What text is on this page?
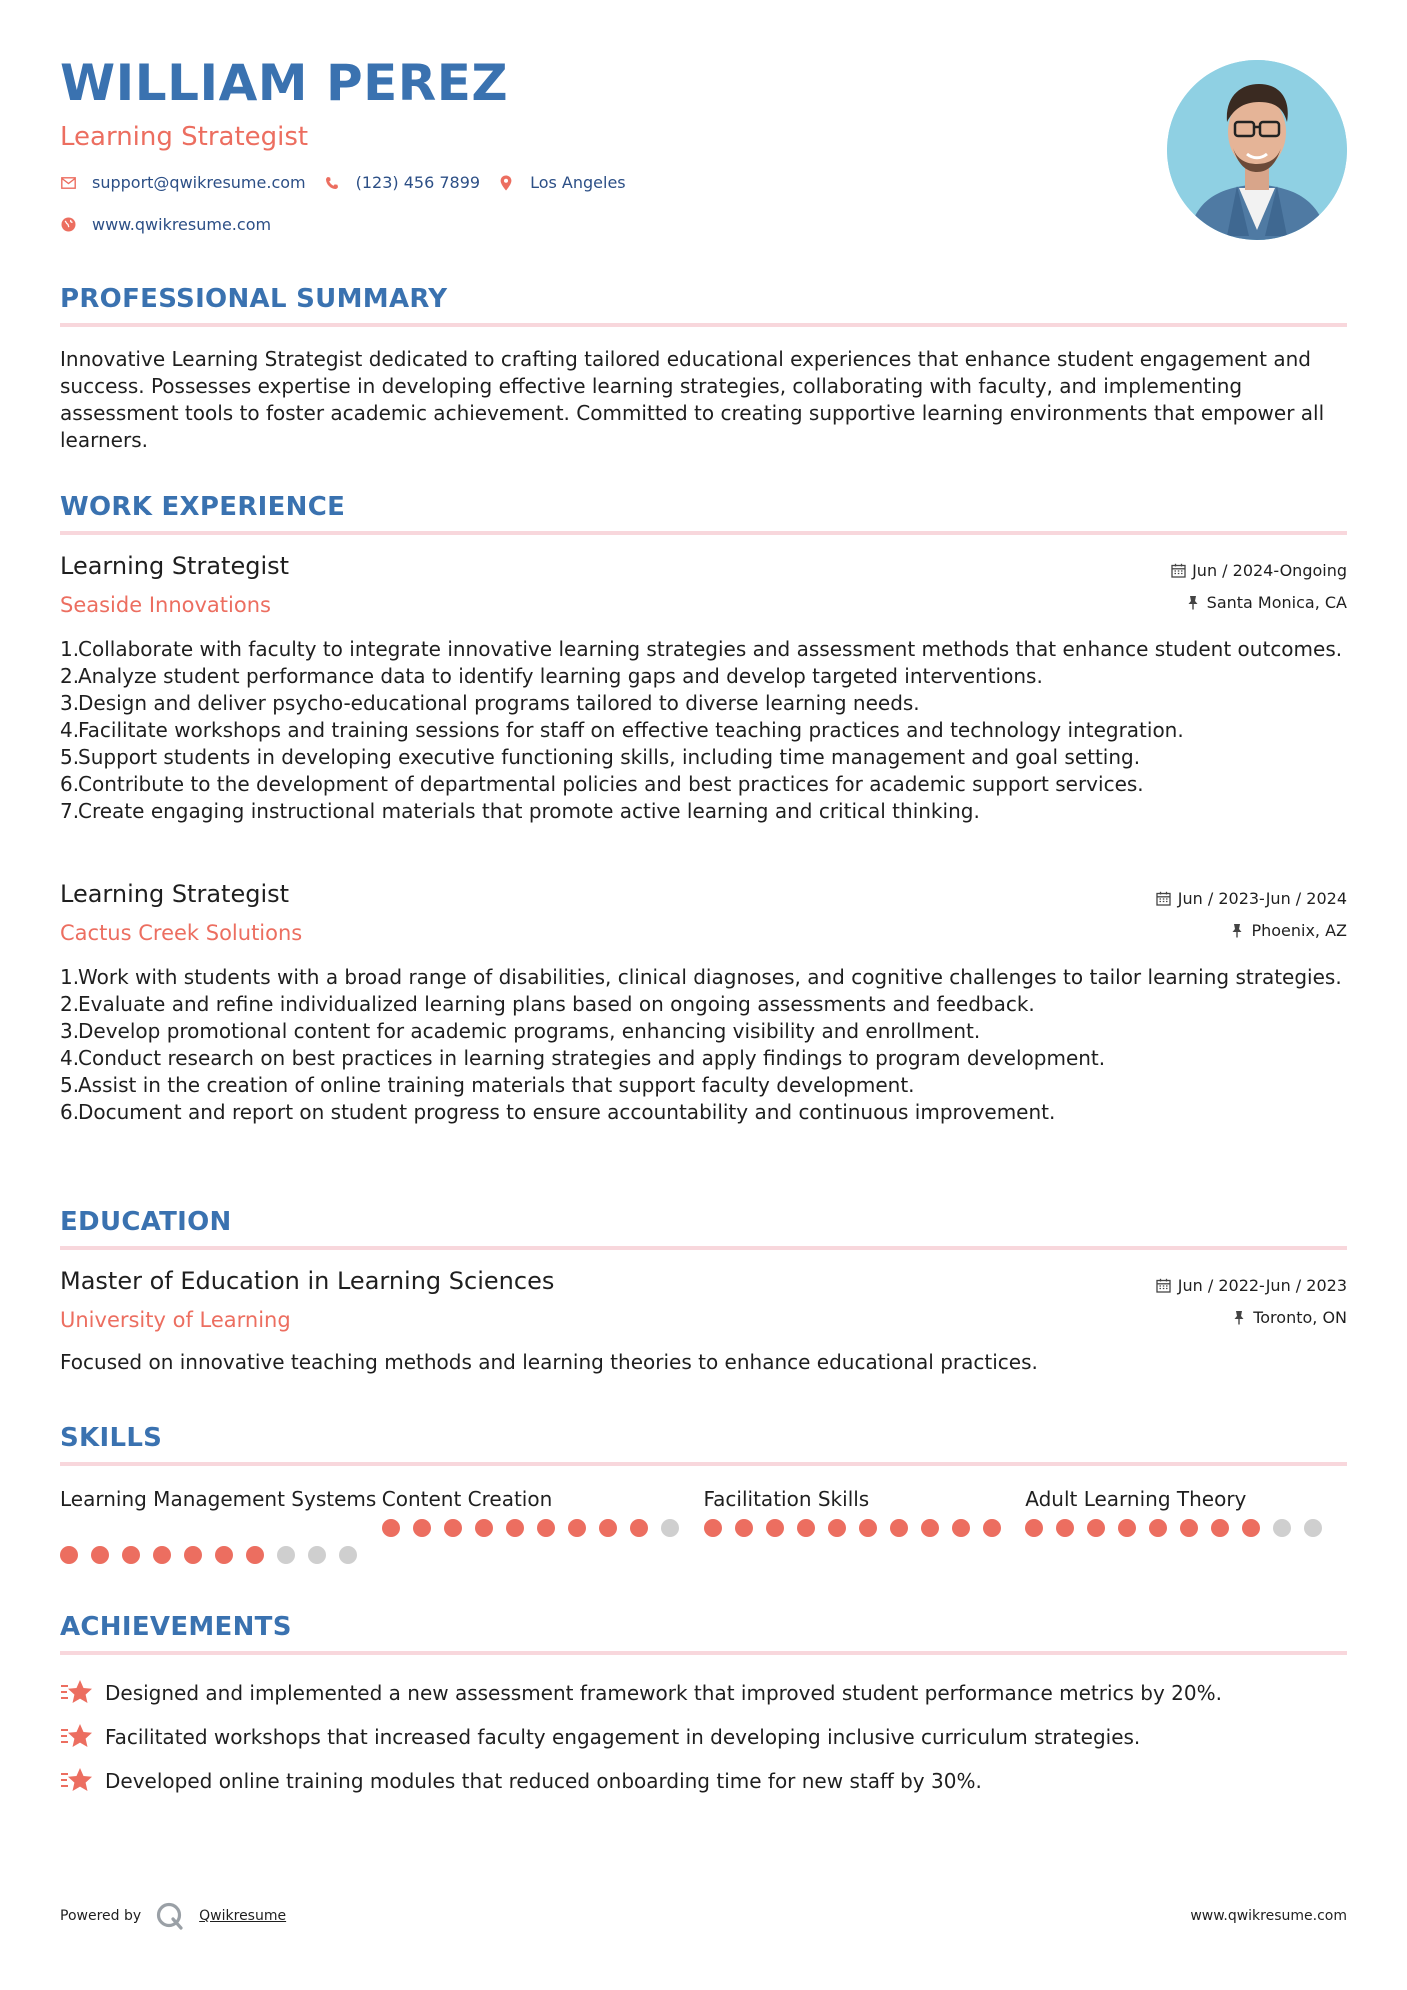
WILLIAM PEREZ
Learning Strategist
support@qwikresume.com	(123) 456 7899	Los Angeles
www.qwikresume.com
PROFESSIONAL SUMMARY
Innovative Learning Strategist dedicated to crafting tailored educational experiences that enhance student engagement and success. Possesses expertise in developing effective learning strategies, collaborating with faculty, and implementing assessment tools to foster academic achievement. Committed to creating supportive learning environments that empower all learners.
WORK EXPERIENCE
Learning Strategist
Seaside Innovations
Jun / 2024-Ongoing
Santa Monica, CA
1.
Collaborate with faculty to integrate innovative learning strategies and assessment methods that enhance student outcomes.
2.
Analyze student performance data to identify learning gaps and develop targeted interventions.
3.
Design and deliver psycho-educational programs tailored to diverse learning needs.
4.
Facilitate workshops and training sessions for staff on effective teaching practices and technology integration.
5.
Support students in developing executive functioning skills, including time management and goal setting.
6.
Contribute to the development of departmental policies and best practices for academic support services.
7.
Create engaging instructional materials that promote active learning and critical thinking.
Learning Strategist
Cactus Creek Solutions
Jun / 2023-Jun / 2024
Phoenix, AZ
1.
Work with students with a broad range of disabilities, clinical diagnoses, and cognitive challenges to tailor learning strategies.
2.
Evaluate and refine individualized learning plans based on ongoing assessments and feedback.
3.
Develop promotional content for academic programs, enhancing visibility and enrollment.
4.
Conduct research on best practices in learning strategies and apply findings to program development.
5.
Assist in the creation of online training materials that support faculty development.
6.
Document and report on student progress to ensure accountability and continuous improvement.
EDUCATION
Master of Education in Learning Sciences
University of Learning
Jun / 2022-Jun / 2023
Toronto, ON
Focused on innovative teaching methods and learning theories to enhance educational practices.
SKILLS
Learning Management Systems Content Creation	Facilitation Skills	Adult Learning Theory
ACHIEVEMENTS
Designed and implemented a new assessment framework that improved student performance metrics by 20%.
Facilitated workshops that increased faculty engagement in developing inclusive curriculum strategies.
Developed online training modules that reduced onboarding time for new staff by 30%.
Powered by	Qwikresume	www.qwikresume.com
